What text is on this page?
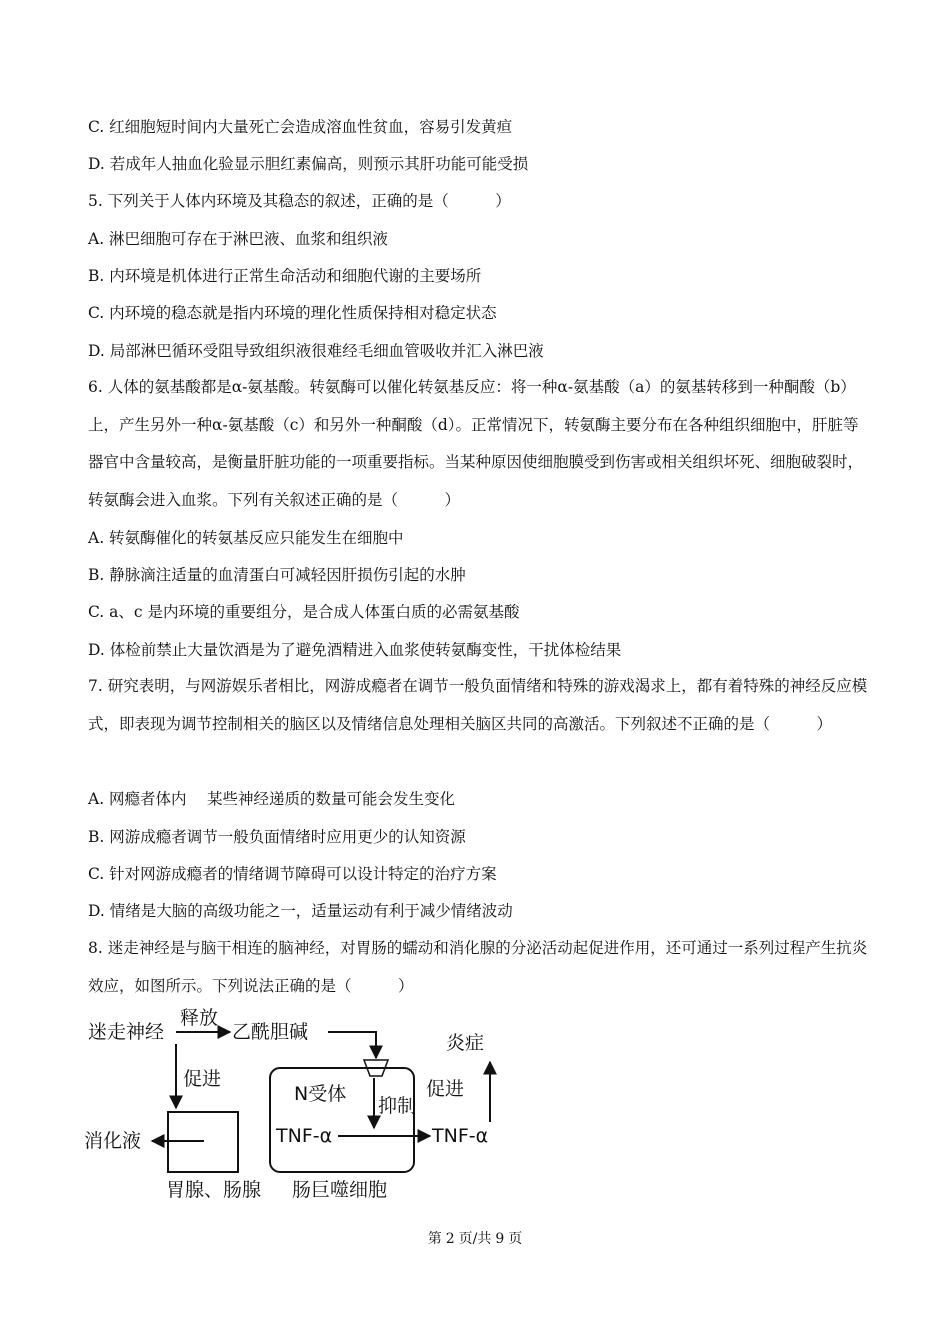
C. 红细胞短时间内大量死亡会造成溶血性贫血，容易引发黄疸
D. 若成年人抽血化验显示胆红素偏高，则预示其肝功能可能受损
5. 下列关于人体内环境及其稳态的叙述，正确的是（　　　）
A. 淋巴细胞可存在于淋巴液、血浆和组织液
B. 内环境是机体进行正常生命活动和细胞代谢的主要场所
C. 内环境的稳态就是指内环境的理化性质保持相对稳定状态
D. 局部淋巴循环受阻导致组织液很难经毛细血管吸收并汇入淋巴液
6. 人体的氨基酸都是α-氨基酸。转氨酶可以催化转氨基反应：将一种α-氨基酸（a）的氨基转移到一种酮酸（b）上，产生另外一种α-氨基酸（c）和另外一种酮酸（d）。正常情况下，转氨酶主要分布在各种组织细胞中，肝脏等器官中含量较高，是衡量肝脏功能的一项重要指标。当某种原因使细胞膜受到伤害或相关组织坏死、细胞破裂时，转氨酶会进入血浆。下列有关叙述正确的是（　　　）
A. 转氨酶催化的转氨基反应只能发生在细胞中
B. 静脉滴注适量的血清蛋白可减轻因肝损伤引起的水肿
C. a、c 是内环境的重要组分，是合成人体蛋白质的必需氨基酸
D. 体检前禁止大量饮酒是为了避免酒精进入血浆使转氨酶变性，干扰体检结果
7. 研究表明，与网游娱乐者相比，网游成瘾者在调节一般负面情绪和特殊的游戏渴求上，都有着特殊的神经反应模式，即表现为调节控制相关的脑区以及情绪信息处理相关脑区共同的高激活。下列叙述不正确的是（　　　）
A. 网瘾者体内　 某些神经递质的数量可能会发生变化
B. 网游成瘾者调节一般负面情绪时应用更少的认知资源
C. 针对网游成瘾者的情绪调节障碍可以设计特定的治疗方案
D. 情绪是大脑的高级功能之一，适量运动有利于减少情绪波动
8. 迷走神经是与脑干相连的脑神经，对胃肠的蠕动和消化腺的分泌活动起促进作用，还可通过一系列过程产生抗炎效应，如图所示。下列说法正确的是（　　　）
迷走神经
释放
乙酰胆碱
促进
消化液
胃腺、肠腺
N受体
抑制
TNF-α	TNF-α
肠巨噬细胞
促进
炎症
第 2 页/共 9 页
